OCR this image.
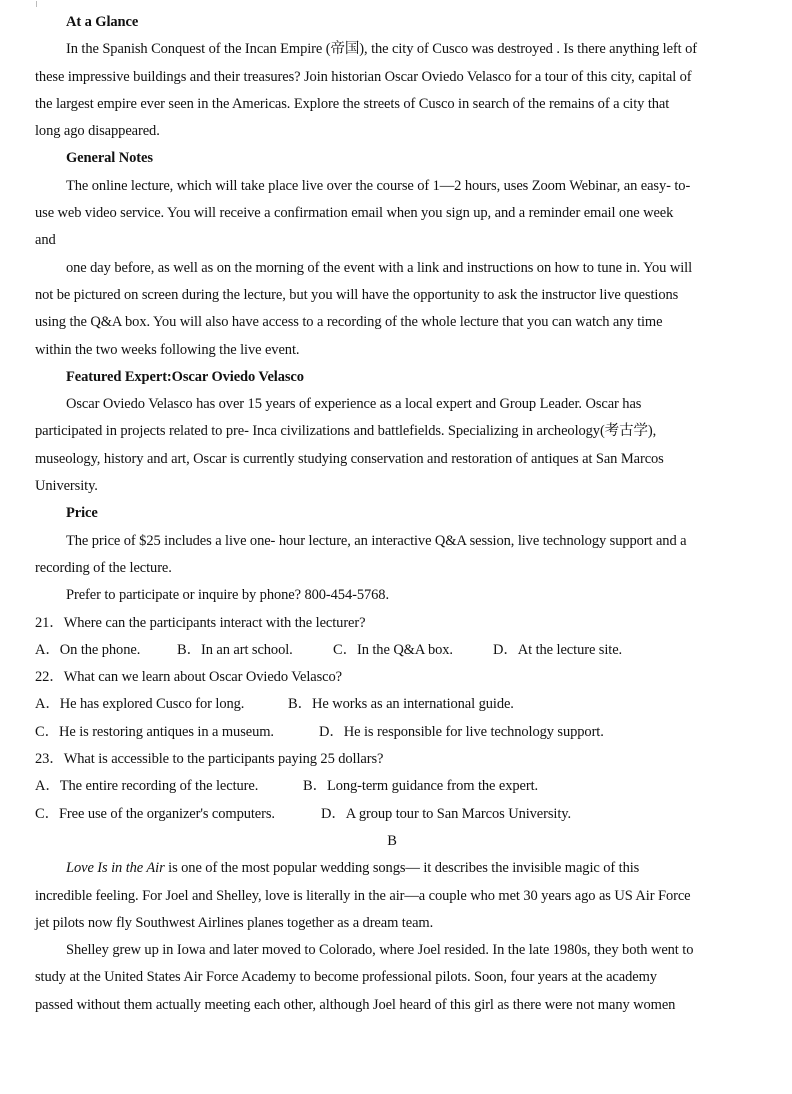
At a Glance
In the Spanish Conquest of the Incan Empire (帝国), the city of Cusco was destroyed . Is there anything left of
these impressive buildings and their treasures? Join historian Oscar Oviedo Velasco for a tour of this city, capital of
the largest empire ever seen in the Americas. Explore the streets of Cusco in search of the remains of a city that
long ago disappeared.
General Notes
The online lecture, which will take place live over the course of 1—2 hours, uses Zoom Webinar, an easy- to-
use web video service. You will receive a confirmation email when you sign up, and a reminder email one week
and
one day before, as well as on the morning of the event with a link and instructions on how to tune in. You will
not be pictured on screen during the lecture, but you will have the opportunity to ask the instructor live questions
using the Q&A box. You will also have access to a recording of the whole lecture that you can watch any time
within the two weeks following the live event.
Featured Expert:Oscar Oviedo Velasco
Oscar Oviedo Velasco has over 15 years of experience as a local expert and Group Leader. Oscar has
participated in projects related to pre- Inca civilizations and battlefields. Specializing in archeology(考古学),
museology, history and art, Oscar is currently studying conservation and restoration of antiques at San Marcos
University.
Price
The price of $25 includes a live one- hour lecture, an interactive Q&A session, live technology support and a
recording of the lecture.
Prefer to participate or inquire by phone? 800-454-5768.
21．Where can the participants interact with the lecturer?
A．On the phone.	B．In an art school.	C．In the Q&A box.	D．At the lecture site.
22．What can we learn about Oscar Oviedo Velasco?
A．He has explored Cusco for long.	B．He works as an international guide.
C．He is restoring antiques in a museum.	D．He is responsible for live technology support.
23．What is accessible to the participants paying 25 dollars?
A．The entire recording of the lecture.	B．Long-term guidance from the expert.
C．Free use of the organizer's computers.	D．A group tour to San Marcos University.
B
Love Is in the Air is one of the most popular wedding songs— it describes the invisible magic of this
incredible feeling. For Joel and Shelley, love is literally in the air—a couple who met 30 years ago as US Air Force
jet pilots now fly Southwest Airlines planes together as a dream team.
Shelley grew up in Iowa and later moved to Colorado, where Joel resided. In the late 1980s, they both went to
study at the United States Air Force Academy to become professional pilots. Soon, four years at the academy
passed without them actually meeting each other, although Joel heard of this girl as there were not many women
